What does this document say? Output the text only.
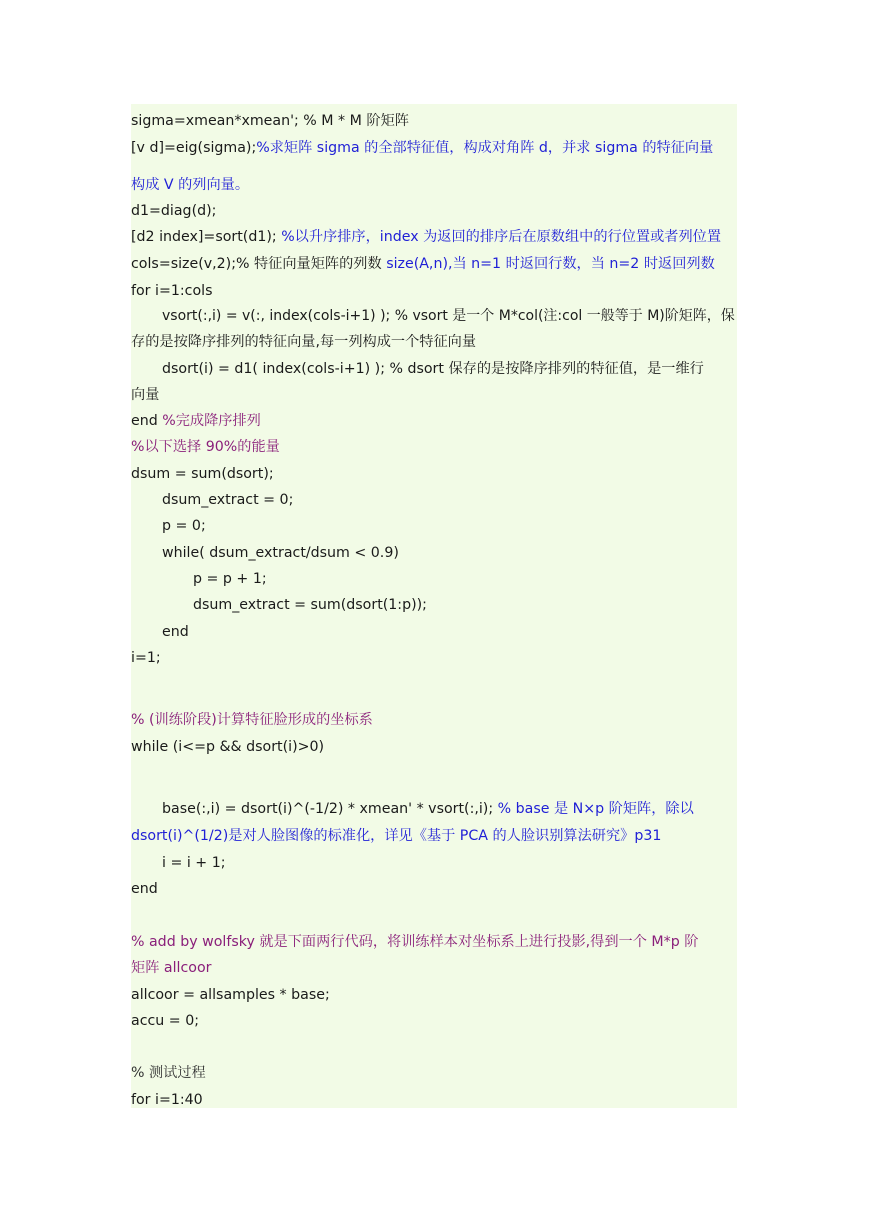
sigma=xmean*xmean'; % M * M 阶矩阵
[v d]=eig(sigma);%求矩阵 sigma 的全部特征值，构成对角阵 d，并求 sigma 的特征向量
构成 V 的列向量。
d1=diag(d);
[d2 index]=sort(d1); %以升序排序，index 为返回的排序后在原数组中的行位置或者列位置
cols=size(v,2);% 特征向量矩阵的列数 size(A,n),当 n=1 时返回行数，当 n=2 时返回列数
for i=1:cols
vsort(:,i) = v(:, index(cols-i+1) ); % vsort 是一个 M*col(注:col 一般等于 M)阶矩阵，保
存的是按降序排列的特征向量,每一列构成一个特征向量
dsort(i) = d1( index(cols-i+1) ); % dsort 保存的是按降序排列的特征值，是一维行
向量
end %完成降序排列
%以下选择 90%的能量
dsum = sum(dsort);
dsum_extract = 0;
p = 0;
while( dsum_extract/dsum < 0.9)
p = p + 1;
dsum_extract = sum(dsort(1:p));
end
i=1;
% (训练阶段)计算特征脸形成的坐标系
while (i<=p && dsort(i)>0)
base(:,i) = dsort(i)^(-1/2) * xmean' * vsort(:,i); % base 是 N×p 阶矩阵，除以
dsort(i)^(1/2)是对人脸图像的标准化，详见《基于 PCA 的人脸识别算法研究》p31
i = i + 1;
end
% add by wolfsky 就是下面两行代码，将训练样本对坐标系上进行投影,得到一个 M*p 阶
矩阵 allcoor
allcoor = allsamples * base;
accu = 0;
% 测试过程
for i=1:40
